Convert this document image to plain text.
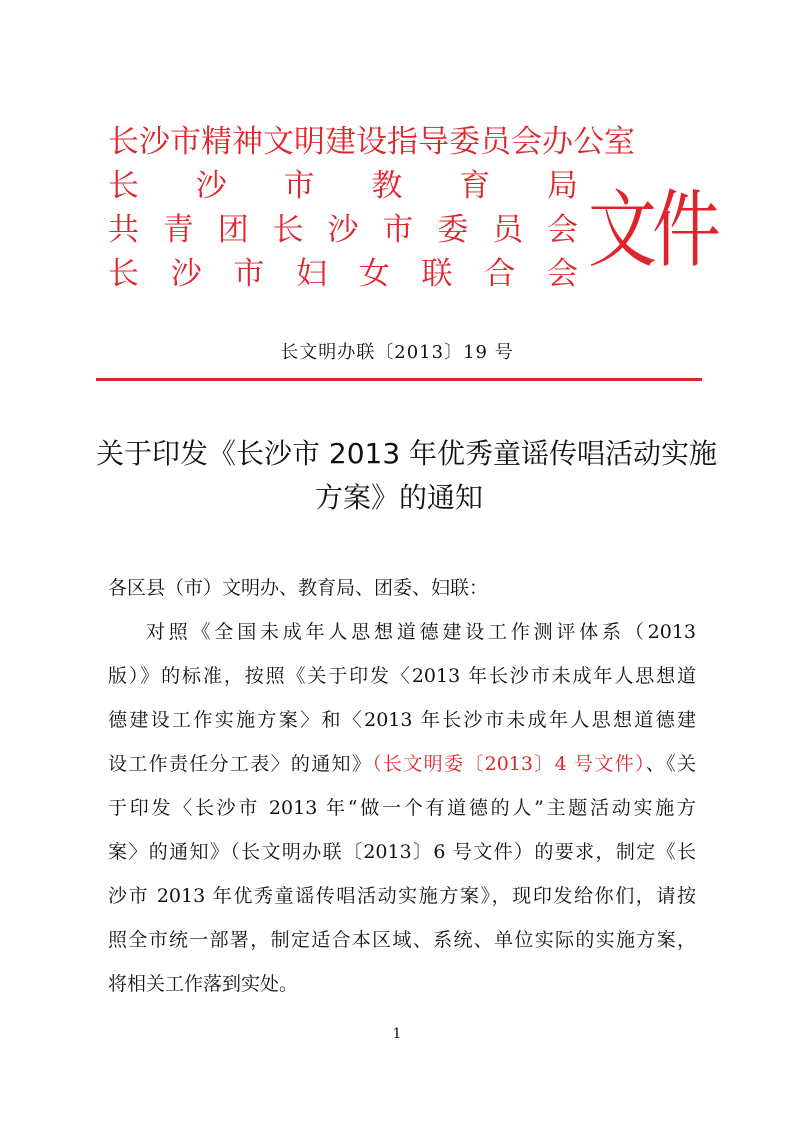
长沙市精神文明建设指导委员会办公室
长 沙 市 教 育 局
共 青 团 长 沙 市 委 员 会
长 沙 市 妇 女 联 合 会 文件
长文明办联〔2013〕19 号
关于印发《长沙市 2013 年优秀童谣传唱活动实施
方案》的通知
各区县（市）文明办、教育局、团委、妇联：
对照《全国未成年人思想道德建设工作测评体系（2013
版）》的标准，按照《关于印发〈2013 年长沙市未成年人思想道
德建设工作实施方案〉和〈2013 年长沙市未成年人思想道德建
设工作责任分工表〉的通知》（长文明委〔2013〕4 号文件）、《关
于印发〈长沙市 2013 年“做一个有道德的人”主题活动实施方
案〉的通知》（长文明办联〔2013〕6 号文件）的要求，制定《长
沙市 2013 年优秀童谣传唱活动实施方案》，现印发给你们，请按
照全市统一部署，制定适合本区域、系统、单位实际的实施方案，
将相关工作落到实处。
1
